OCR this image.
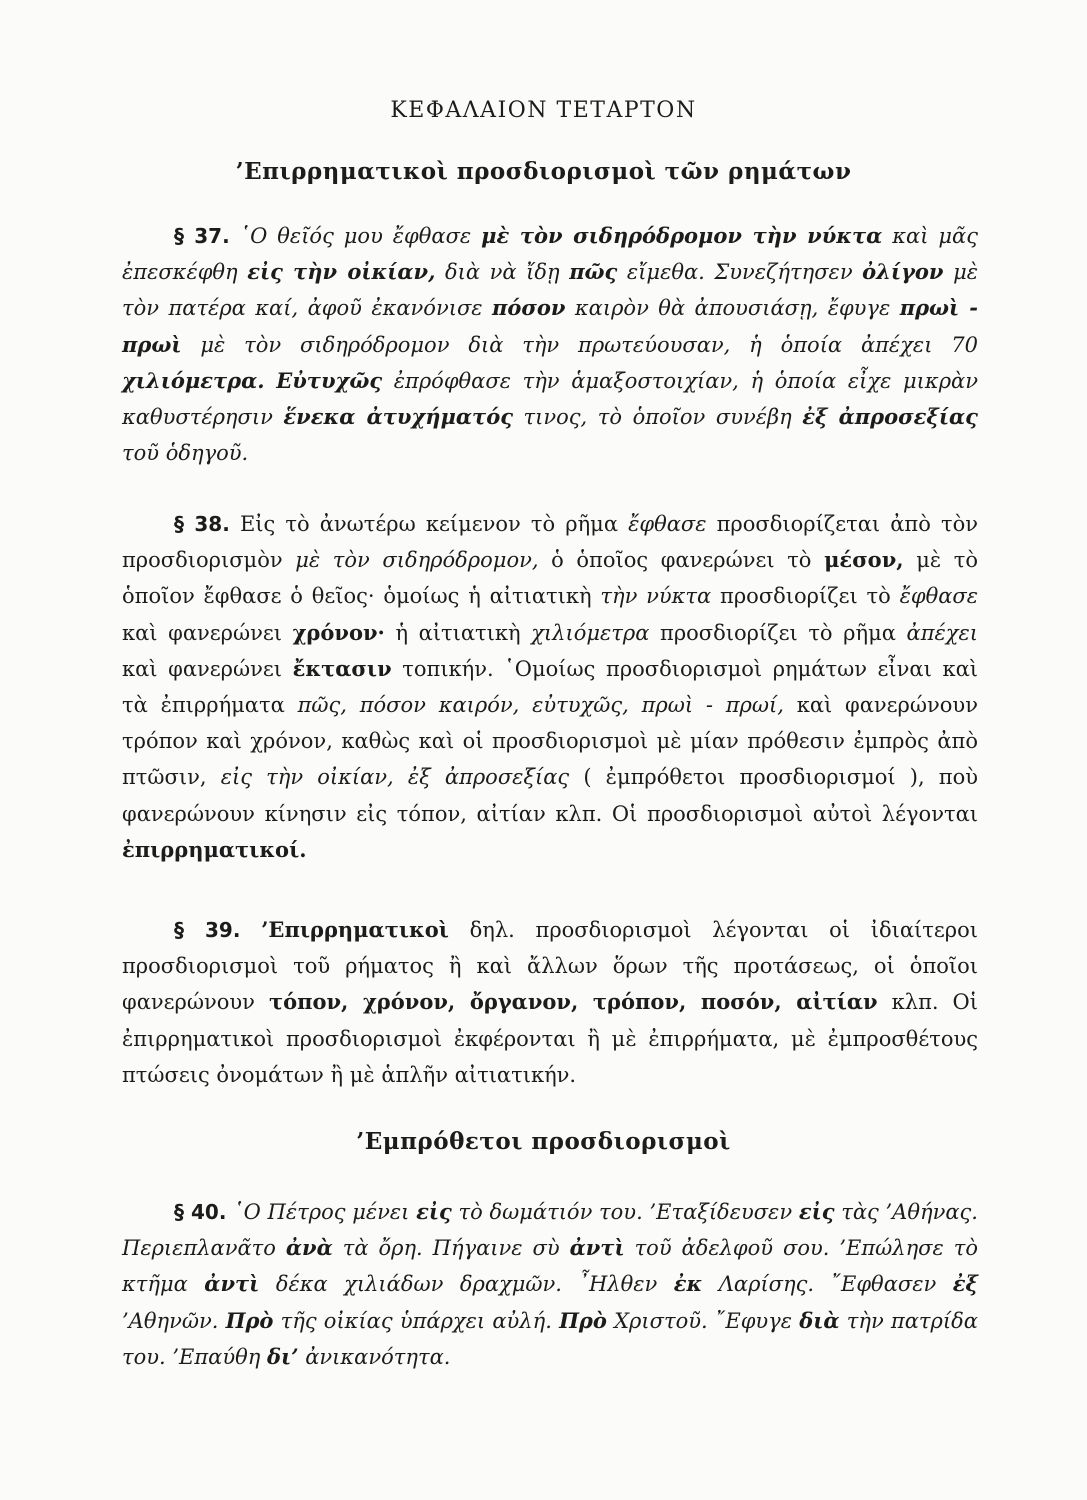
ΚΕΦΑΛΑΙΟΝ ΤΕΤΑΡΤΟΝ
’Επιρρηματικοὶ προσδιορισμοὶ τῶν ρημάτων

§ 37. ῾Ο θεῖός μου ἔφθασε μὲ τὸν σιδηρόδρομον τὴν νύκτα καὶ μᾶς ἐπεσκέφθη εἰς τὴν οἰκίαν, διὰ νὰ ἴδῃ πῶς εἴμεθα. Συνεζήτησεν ὀλίγον μὲ τὸν πατέρα καί, ἀφοῦ ἐκανόνισε πόσον καιρὸν θὰ ἀπουσιάσῃ, ἔφυγε πρωὶ - πρωὶ μὲ τὸν σιδηρόδρομον διὰ τὴν πρωτεύουσαν, ἡ ὁποία ἀπέχει 70 χιλιόμετρα. Εὐτυχῶς ἐπρόφθασε τὴν ἁμαξοστοιχίαν, ἡ ὁποία εἶχε μικρὰν καθυστέρησιν ἕνεκα ἀτυχήματός τινος, τὸ ὁποῖον συνέβη ἐξ ἀπροσεξίας τοῦ ὁδηγοῦ.

§ 38. Εἰς τὸ ἀνωτέρω κείμενον τὸ ρῆμα ἔφθασε προσδιορίζεται ἀπὸ τὸν προσδιορισμὸν μὲ τὸν σιδηρόδρομον, ὁ ὁποῖος φανερώνει τὸ μέσον, μὲ τὸ ὁποῖον ἔφθασε ὁ θεῖος· ὁμοίως ἡ αἰτιατικὴ τὴν νύκτα προσδιορίζει τὸ ἔφθασε καὶ φανερώνει χρόνον· ἡ αἰτιατικὴ χιλιόμετρα προσδιορίζει τὸ ρῆμα ἀπέχει καὶ φανερώνει ἔκτασιν τοπικήν. ῾Ομοίως προσδιορισμοὶ ρημάτων εἶναι καὶ τὰ ἐπιρρήματα πῶς, πόσον καιρόν, εὐτυχῶς, πρωὶ - πρωί, καὶ φανερώνουν τρόπον καὶ χρόνον, καθὼς καὶ οἱ προσδιορισμοὶ μὲ μίαν πρόθεσιν ἐμπρὸς ἀπὸ πτῶσιν, εἰς τὴν οἰκίαν, ἐξ ἀπροσεξίας ( ἐμπρόθετοι προσδιορισμοί ), ποὺ φανερώνουν κίνησιν εἰς τόπον, αἰτίαν κλπ. Οἱ προσδιορισμοὶ αὐτοὶ λέγονται ἐπιρρηματικοί.

§ 39. ’Επιρρηματικοὶ δηλ. προσδιορισμοὶ λέγονται οἱ ἰδιαίτεροι προσδιορισμοὶ τοῦ ρήματος ἢ καὶ ἄλλων ὅρων τῆς προτάσεως, οἱ ὁποῖοι φανερώνουν τόπον, χρόνον, ὄργανον, τρόπον, ποσόν, αἰτίαν κλπ. Οἱ ἐπιρρηματικοὶ προσδιορισμοὶ ἐκφέρονται ἢ μὲ ἐπιρρήματα, μὲ ἐμπροσθέτους πτώσεις ὀνομάτων ἢ μὲ ἁπλῆν αἰτιατικήν.

’Εμπρόθετοι προσδιορισμοὶ

§ 40. ῾Ο Πέτρος μένει εἰς τὸ δωμάτιόν του. ’Εταξίδευσεν εἰς τὰς ’Αθήνας. Περιεπλανᾶτο ἀνὰ τὰ ὄρη. Πήγαινε σὺ ἀντὶ τοῦ ἀδελφοῦ σου. ’Επώλησε τὸ κτῆμα ἀντὶ δέκα χιλιάδων δραχμῶν. ῏Ηλθεν ἐκ Λαρίσης. ῎Εφθασεν ἐξ ’Αθηνῶν. Πρὸ τῆς οἰκίας ὑπάρχει αὐλή. Πρὸ Χριστοῦ. ῎Εφυγε διὰ τὴν πατρίδα του. ’Επαύθη δι’ ἀνικανότητα.
